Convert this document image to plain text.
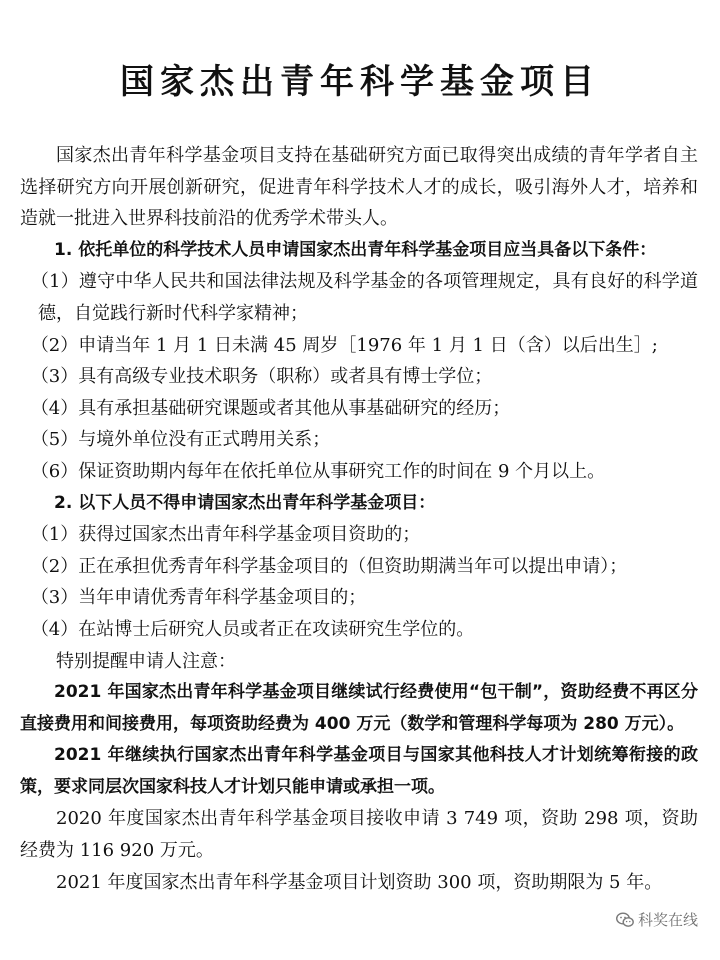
国家杰出青年科学基金项目

国家杰出青年科学基金项目支持在基础研究方面已取得突出成绩的青年学者自主选择研究方向开展创新研究，促进青年科学技术人才的成长，吸引海外人才，培养和造就一批进入世界科技前沿的优秀学术带头人。

1. 依托单位的科学技术人员申请国家杰出青年科学基金项目应当具备以下条件：

（1）遵守中华人民共和国法律法规及科学基金的各项管理规定，具有良好的科学道德，自觉践行新时代科学家精神；

（2）申请当年 1 月 1 日未满 45 周岁［1976 年 1 月 1 日（含）以后出生］;

（3）具有高级专业技术职务（职称）或者具有博士学位；

（4）具有承担基础研究课题或者其他从事基础研究的经历；

（5）与境外单位没有正式聘用关系；

（6）保证资助期内每年在依托单位从事研究工作的时间在 9 个月以上。

2. 以下人员不得申请国家杰出青年科学基金项目：

（1）获得过国家杰出青年科学基金项目资助的；

（2）正在承担优秀青年科学基金项目的（但资助期满当年可以提出申请）；

（3）当年申请优秀青年科学基金项目的；

（4）在站博士后研究人员或者正在攻读研究生学位的。

特别提醒申请人注意：

2021 年国家杰出青年科学基金项目继续试行经费使用“包干制”，资助经费不再区分直接费用和间接费用，每项资助经费为 400 万元（数学和管理科学每项为 280 万元）。

2021 年继续执行国家杰出青年科学基金项目与国家其他科技人才计划统筹衔接的政策，要求同层次国家科技人才计划只能申请或承担一项。

2020 年度国家杰出青年科学基金项目接收申请 3 749 项，资助 298 项，资助经费为 116 920 万元。

2021 年度国家杰出青年科学基金项目计划资助 300 项，资助期限为 5 年。

科奖在线
